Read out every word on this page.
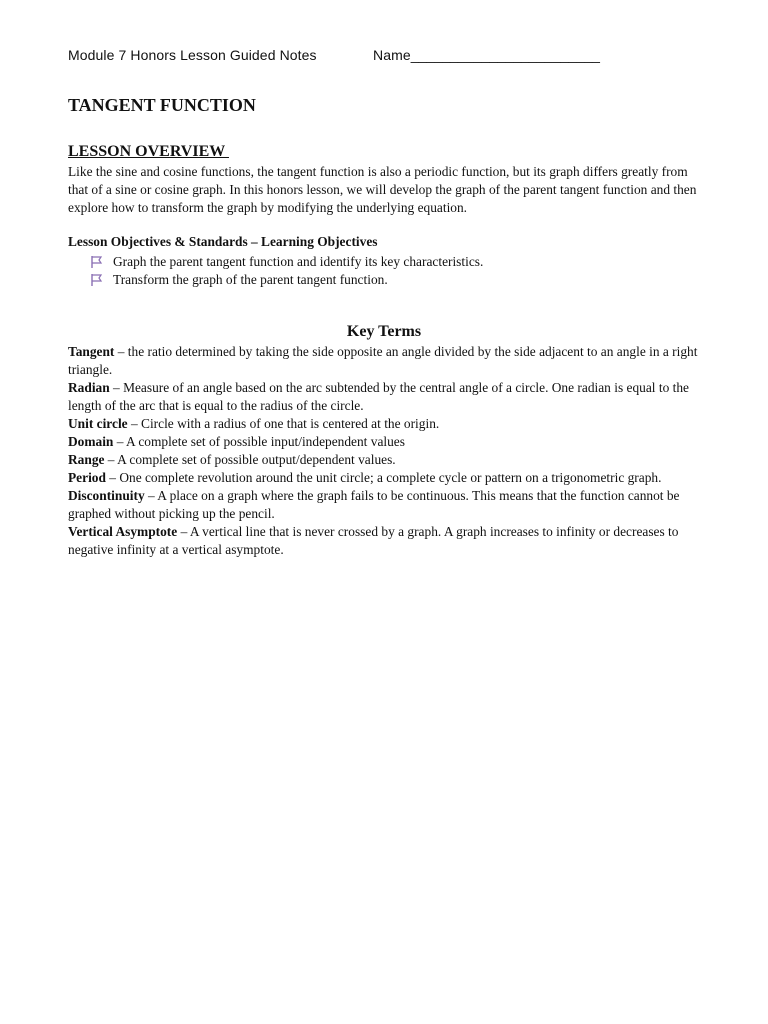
Module 7 Honors Lesson Guided Notes	Name________________________
TANGENT FUNCTION
LESSON OVERVIEW

Like the sine and cosine functions, the tangent function is also a periodic function, but its graph differs greatly from that of a sine or cosine graph. In this honors lesson, we will develop the graph of the parent tangent function and then explore how to transform the graph by modifying the underlying equation.

Lesson Objectives & Standards – Learning Objectives

Graph the parent tangent function and identify its key characteristics.
Transform the graph of the parent tangent function.
Key Terms

Tangent – the ratio determined by taking the side opposite an angle divided by the side adjacent to an angle in a right triangle.

Radian – Measure of an angle based on the arc subtended by the central angle of a circle. One radian is equal to the length of the arc that is equal to the radius of the circle.

Unit circle – Circle with a radius of one that is centered at the origin.

Domain – A complete set of possible input/independent values

Range – A complete set of possible output/dependent values.

Period – One complete revolution around the unit circle; a complete cycle or pattern on a trigonometric graph.

Discontinuity – A place on a graph where the graph fails to be continuous. This means that the function cannot be graphed without picking up the pencil.

Vertical Asymptote – A vertical line that is never crossed by a graph. A graph increases to infinity or decreases to negative infinity at a vertical asymptote.
